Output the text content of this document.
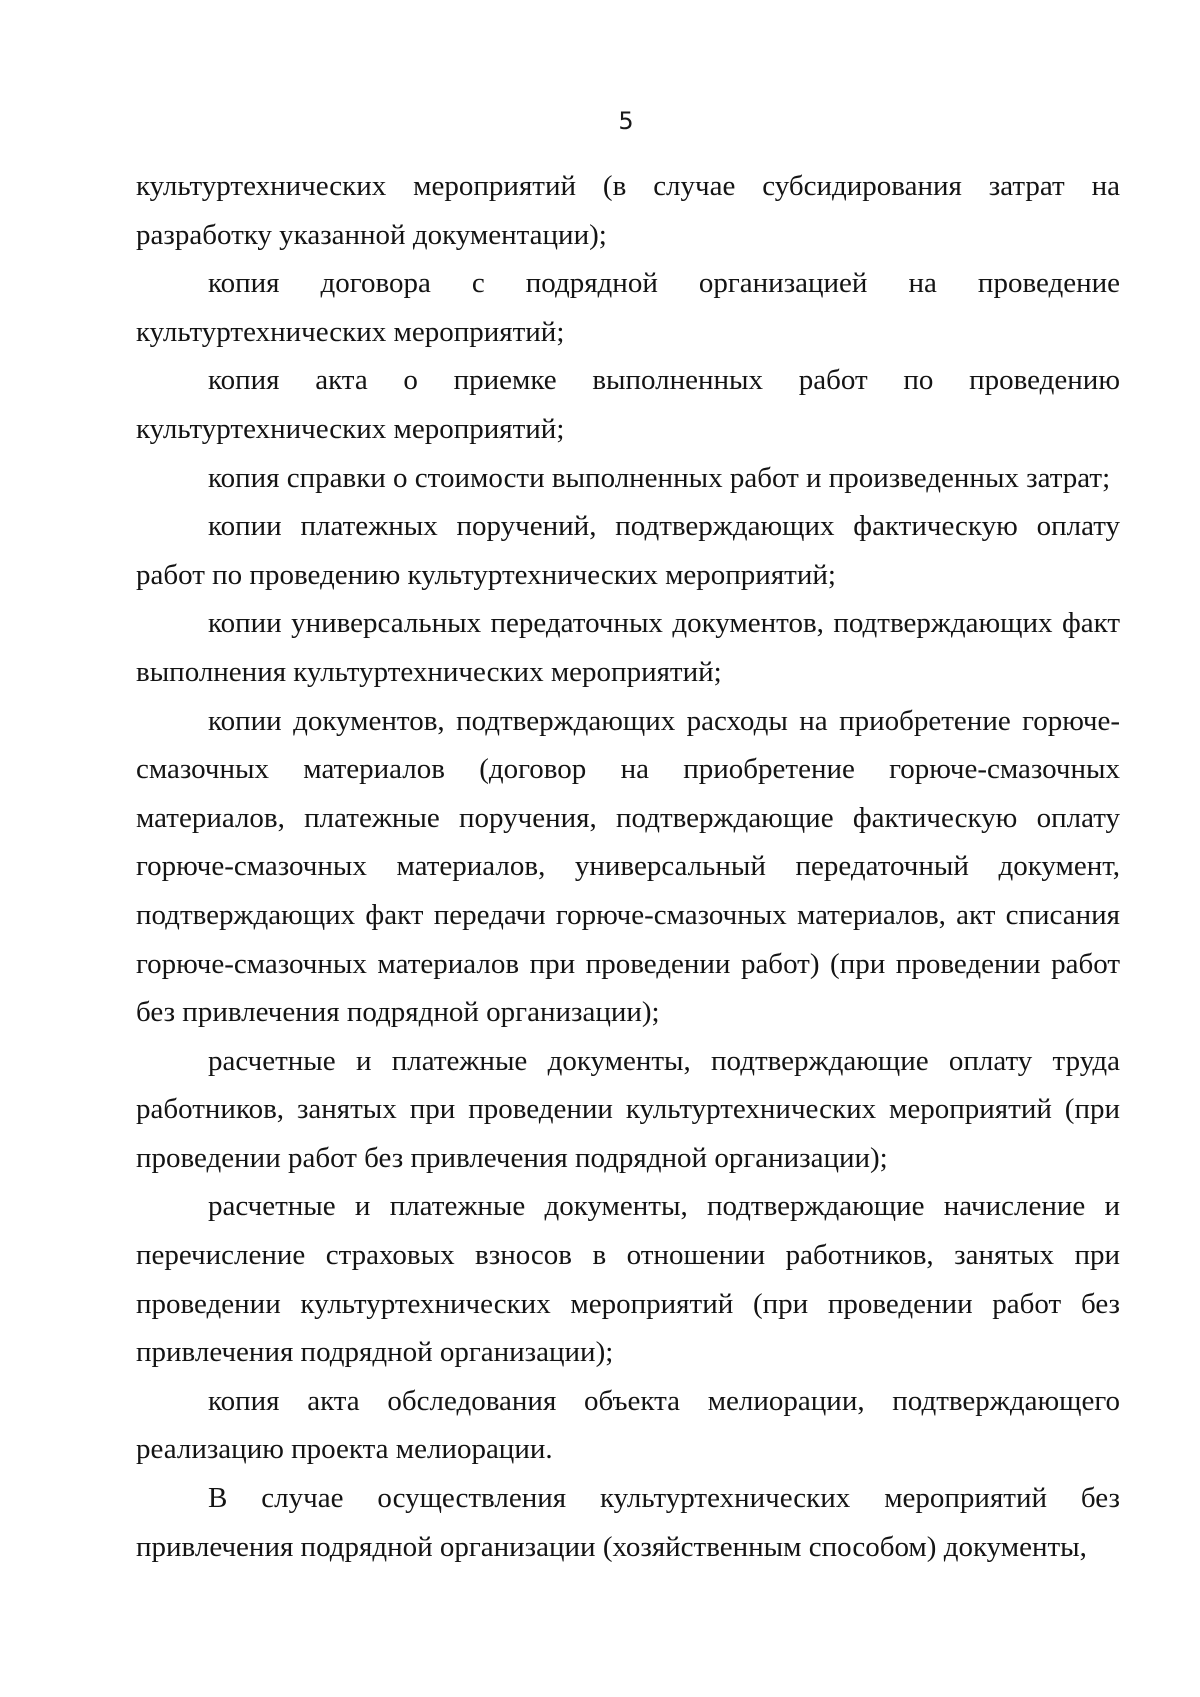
5

культуртехнических мероприятий (в случае субсидирования затрат на разработку указанной документации);

копия договора с подрядной организацией на проведение культуртехнических мероприятий;

копия акта о приемке выполненных работ по проведению культуртехнических мероприятий;

копия справки о стоимости выполненных работ и произведенных затрат;

копии платежных поручений, подтверждающих фактическую оплату работ по проведению культуртехнических мероприятий;

копии универсальных передаточных документов, подтверждающих факт выполнения культуртехнических мероприятий;

копии документов, подтверждающих расходы на приобретение горюче-смазочных материалов (договор на приобретение горюче-смазочных материалов, платежные поручения, подтверждающие фактическую оплату горюче-смазочных материалов, универсальный передаточный документ, подтверждающих факт передачи горюче-смазочных материалов, акт списания горюче-смазочных материалов при проведении работ) (при проведении работ без привлечения подрядной организации);

расчетные и платежные документы, подтверждающие оплату труда работников, занятых при проведении культуртехнических мероприятий (при проведении работ без привлечения подрядной организации);

расчетные и платежные документы, подтверждающие начисление и перечисление страховых взносов в отношении работников, занятых при проведении культуртехнических мероприятий (при проведении работ без привлечения подрядной организации);

копия акта обследования объекта мелиорации, подтверждающего реализацию проекта мелиорации.

В случае осуществления культуртехнических мероприятий без привлечения подрядной организации (хозяйственным способом) документы,
